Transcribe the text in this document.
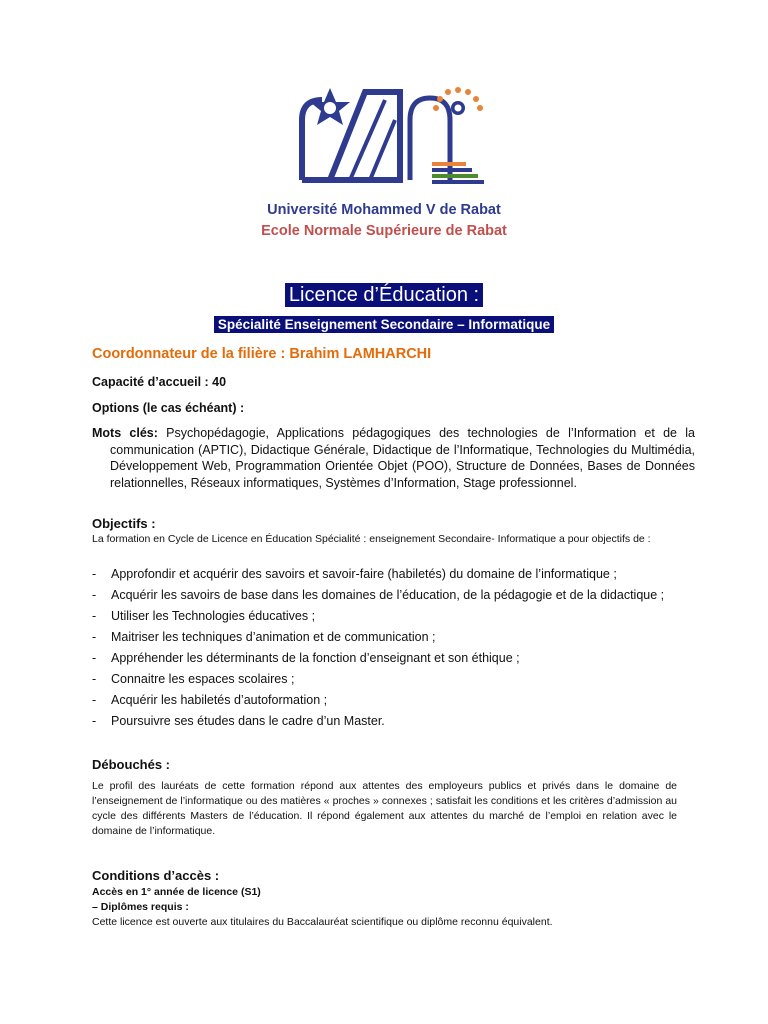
Université Mohammed V de Rabat
Ecole Normale Supérieure de Rabat
Licence d’Éducation :
Spécialité Enseignement Secondaire – Informatique
Coordonnateur de la filière : Brahim LAMHARCHI
Capacité d’accueil : 40
Options (le cas échéant) :
Mots clés: Psychopédagogie, Applications pédagogiques des technologies de l’Information et de la communication (APTIC), Didactique Générale, Didactique de l’Informatique, Technologies du Multimédia, Développement Web, Programmation Orientée Objet (POO), Structure de Données, Bases de Données relationnelles, Réseaux informatiques, Systèmes d’Information, Stage professionnel.
Objectifs :
La formation en Cycle de Licence en Éducation Spécialité : enseignement Secondaire- Informatique a pour objectifs de :
- Approfondir et acquérir des savoirs et savoir-faire (habiletés) du domaine de l’informatique ;
- Acquérir les savoirs de base dans les domaines de l’éducation, de la pédagogie et de la didactique ;
- Utiliser les Technologies éducatives ;
- Maitriser les techniques d’animation et de communication ;
- Appréhender les déterminants de la fonction d’enseignant et son éthique ;
- Connaitre les espaces scolaires ;
- Acquérir les habiletés d’autoformation ;
- Poursuivre ses études dans le cadre d’un Master.
Débouchés :
Le profil des lauréats de cette formation répond aux attentes des employeurs publics et privés dans le domaine de l’enseignement de l’informatique ou des matières « proches » connexes ; satisfait les conditions et les critères d’admission au cycle des différents Masters de l’éducation. Il répond également aux attentes du marché de l’emploi en relation avec le domaine de l’informatique.
Conditions d’accès :
Accès en 1° année de licence (S1)
– Diplômes requis :
Cette licence est ouverte aux titulaires du Baccalauréat scientifique ou diplôme reconnu équivalent.
